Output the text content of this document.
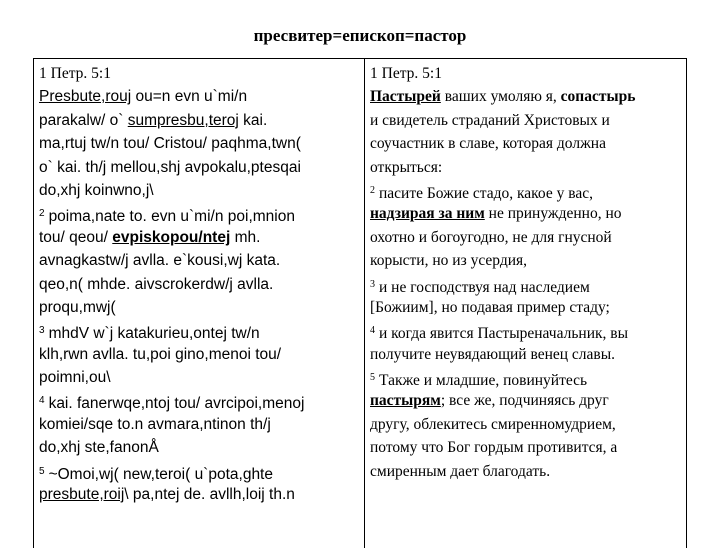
пресвитер=епископ=пастор
1 Петр. 5:1
Presbute,rouj ou=n evn u`mi/n
parakalw/ o` sumpresbu,teroj kai.
ma,rtuj tw/n tou/ Cristou/ paqhma,twn(
o` kai. th/j mellou,shj avpokalu,ptesqai
do,xhj koinwno,j\
$^2$ poima,nate to. evn u`mi/n poi,mnion
tou/ qeou/ evpiskopou/ntej mh.
avnagkastw/j avlla. e`kousi,wj kata.
qeo,n( mhde. aivscrokerdw/j avlla.
proqu,mwj(
$^3$ mhdV w`j katakurieu,ontej tw/n
klh,rwn avlla. tu,poi gino,menoi tou/
poimni,ou\
$^4$ kai. fanerwqe,ntoj tou/ avrcipoi,menoj
komiei/sqe to.n avmara,ntinon th/j
do,xhj ste,fanonÅ
$^5$ ~Omoi,wj( new,teroi( u`pota,ghte
presbute,roij\ pa,ntej de. avllh,loij th.n
1 Петр. 5:1
Пастырей ваших умоляю я, сопастырь
и свидетель страданий Христовых и
соучастник в славе, которая должна
открыться:
$^2$ пасите Божие стадо, какое у вас,
надзирая за ним не принужденно, но
охотно и богоугодно, не для гнусной
корысти, но из усердия,
$^3$ и не господствуя над наследием
[Божиим], но подавая пример стаду;
$^4$ и когда явится Пастыреначальник, вы
получите неувядающий венец славы.
$^5$ Также и младшие, повинуйтесь
пастырям; все же, подчиняясь друг
другу, облекитесь смиренномудрием,
потому что Бог гордым противится, а
смиренным дает благодать.
